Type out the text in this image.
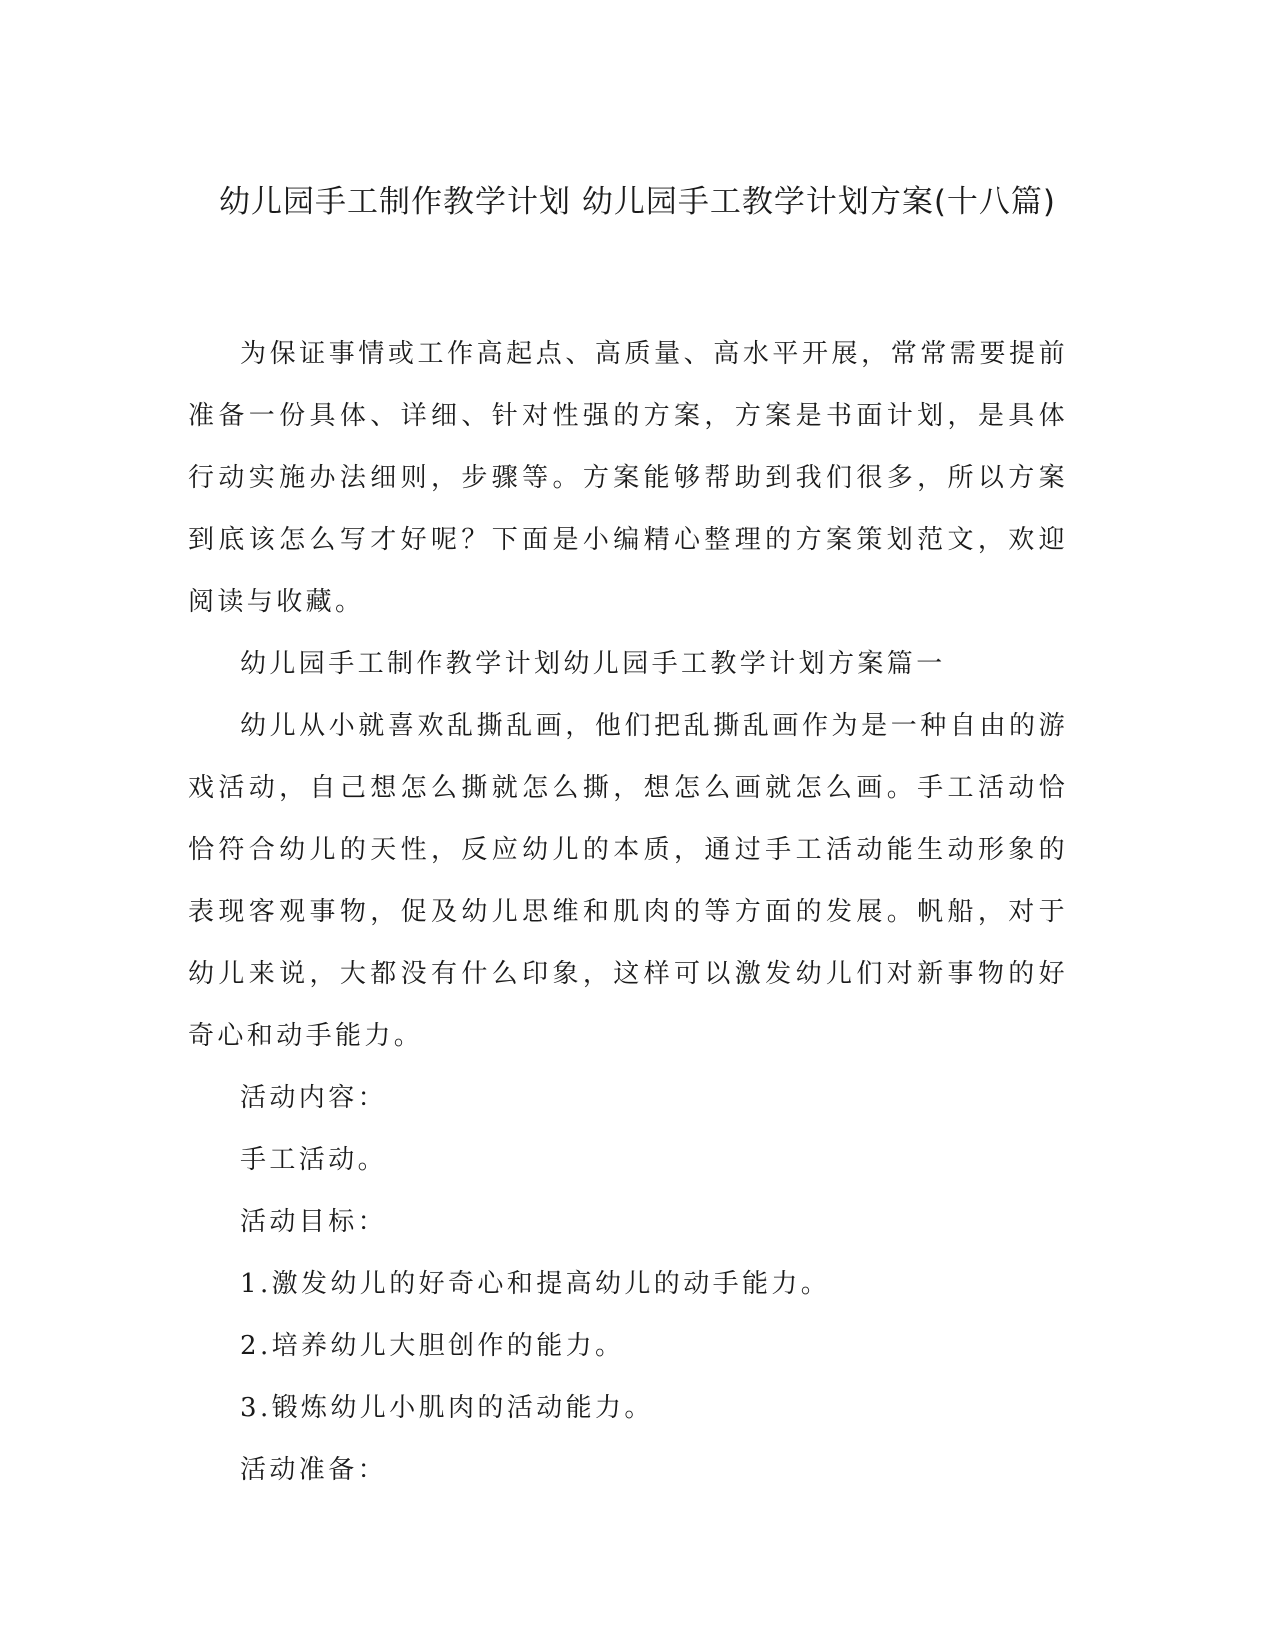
幼儿园手工制作教学计划 幼儿园手工教学计划方案(十八篇)

为保证事情或工作高起点、高质量、高水平开展，常常需要提前准备一份具体、详细、针对性强的方案，方案是书面计划，是具体行动实施办法细则，步骤等。方案能够帮助到我们很多，所以方案到底该怎么写才好呢？下面是小编精心整理的方案策划范文，欢迎阅读与收藏。

幼儿园手工制作教学计划幼儿园手工教学计划方案篇一

幼儿从小就喜欢乱撕乱画，他们把乱撕乱画作为是一种自由的游戏活动，自己想怎么撕就怎么撕，想怎么画就怎么画。手工活动恰恰符合幼儿的天性，反应幼儿的本质，通过手工活动能生动形象的表现客观事物，促及幼儿思维和肌肉的等方面的发展。帆船，对于幼儿来说，大都没有什么印象，这样可以激发幼儿们对新事物的好奇心和动手能力。

活动内容：

手工活动。

活动目标：

1.激发幼儿的好奇心和提高幼儿的动手能力。

2.培养幼儿大胆创作的能力。

3.锻炼幼儿小肌肉的活动能力。

活动准备：
